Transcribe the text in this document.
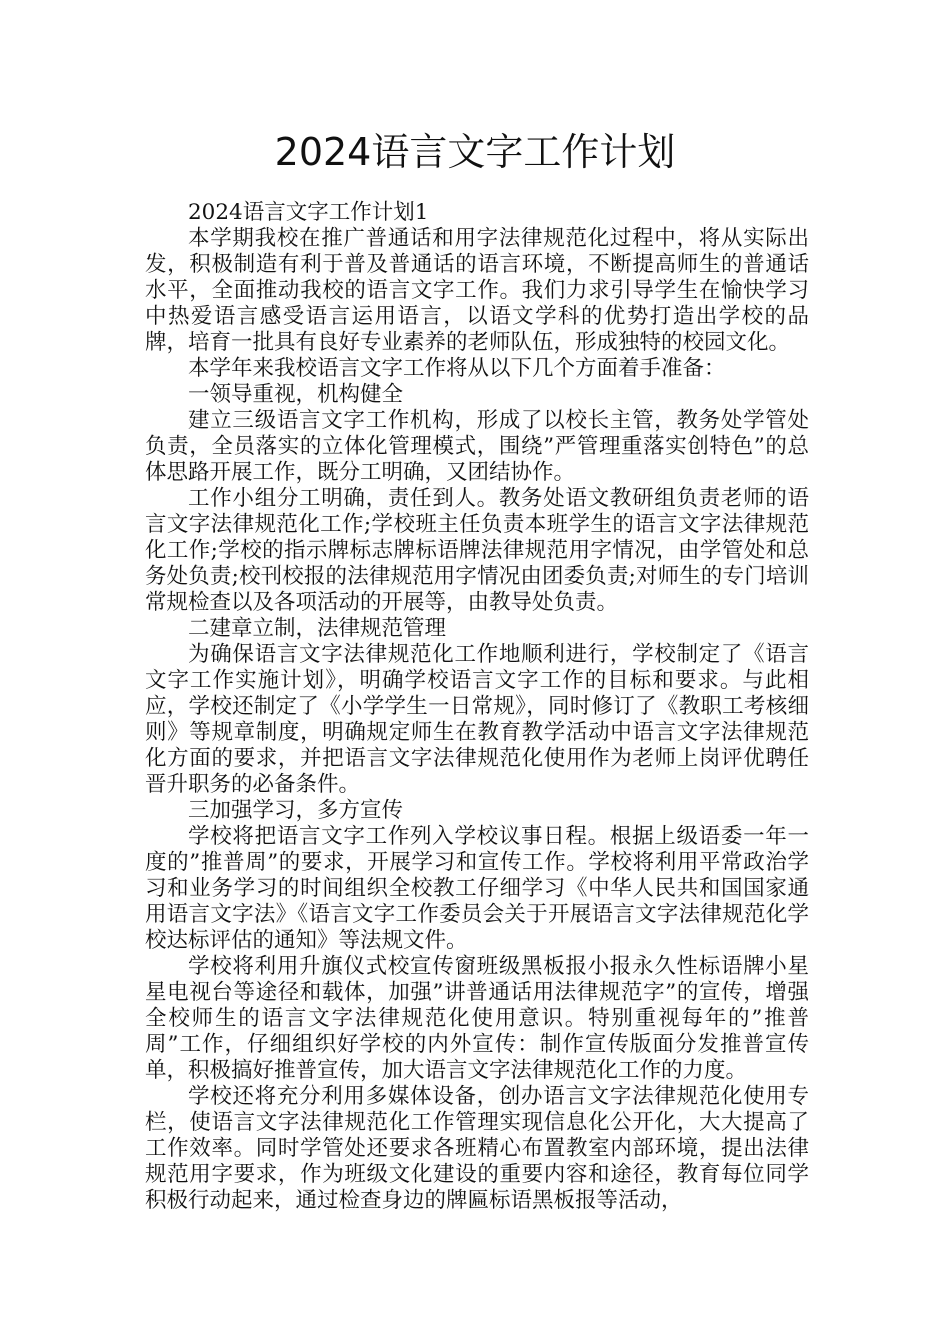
2024语言文字工作计划

2024语言文字工作计划1

本学期我校在推广普通话和用字法律规范化过程中，将从实际出发，积极制造有利于普及普通话的语言环境，不断提高师生的普通话水平，全面推动我校的语言文字工作。我们力求引导学生在愉快学习中热爱语言感受语言运用语言，以语文学科的优势打造出学校的品牌，培育一批具有良好专业素养的老师队伍，形成独特的校园文化。

本学年来我校语言文字工作将从以下几个方面着手准备：

一领导重视，机构健全

建立三级语言文字工作机构，形成了以校长主管，教务处学管处负责，全员落实的立体化管理模式，围绕”严管理重落实创特色”的总体思路开展工作，既分工明确，又团结协作。

工作小组分工明确，责任到人。教务处语文教研组负责老师的语言文字法律规范化工作;学校班主任负责本班学生的语言文字法律规范化工作;学校的指示牌标志牌标语牌法律规范用字情况，由学管处和总务处负责;校刊校报的法律规范用字情况由团委负责;对师生的专门培训常规检查以及各项活动的开展等，由教导处负责。

二建章立制，法律规范管理

为确保语言文字法律规范化工作地顺利进行，学校制定了《语言文字工作实施计划》，明确学校语言文字工作的目标和要求。与此相应，学校还制定了《小学学生一日常规》，同时修订了《教职工考核细则》等规章制度，明确规定师生在教育教学活动中语言文字法律规范化方面的要求，并把语言文字法律规范化使用作为老师上岗评优聘任晋升职务的必备条件。

三加强学习，多方宣传

学校将把语言文字工作列入学校议事日程。根据上级语委一年一度的”推普周”的要求，开展学习和宣传工作。学校将利用平常政治学习和业务学习的时间组织全校教工仔细学习《中华人民共和国国家通用语言文字法》《语言文字工作委员会关于开展语言文字法律规范化学校达标评估的通知》等法规文件。

学校将利用升旗仪式校宣传窗班级黑板报小报永久性标语牌小星星电视台等途径和载体，加强”讲普通话用法律规范字”的宣传，增强全校师生的语言文字法律规范化使用意识。特别重视每年的”推普周”工作，仔细组织好学校的内外宣传：制作宣传版面分发推普宣传单，积极搞好推普宣传，加大语言文字法律规范化工作的力度。

学校还将充分利用多媒体设备，创办语言文字法律规范化使用专栏，使语言文字法律规范化工作管理实现信息化公开化，大大提高了工作效率。同时学管处还要求各班精心布置教室内部环境，提出法律规范用字要求，作为班级文化建设的重要内容和途径，教育每位同学积极行动起来，通过检查身边的牌匾标语黑板报等活动，
